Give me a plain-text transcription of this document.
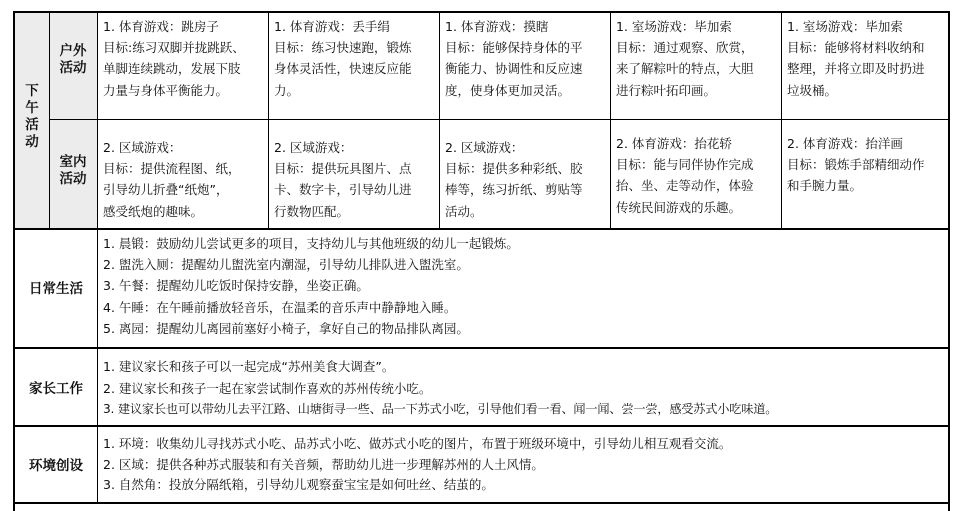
下午活动
户外活动
室内活动
日常生活
家长工作
环境创设
1. 体育游戏：跳房子
目标:练习双脚并拢跳跃、
单脚连续跳动，发展下肢
力量与身体平衡能力。
1. 体育游戏：丢手绢
目标：练习快速跑，锻炼
身体灵活性，快速反应能
力。
1. 体育游戏：摸瞎
目标：能够保持身体的平
衡能力、协调性和反应速
度，使身体更加灵活。
1. 室场游戏：毕加索
目标：通过观察、欣赏，
来了解粽叶的特点，大胆
进行粽叶拓印画。
1. 室场游戏：毕加索
目标：能够将材料收纳和
整理，并将立即及时扔进
垃圾桶。
2. 区域游戏：
目标：提供流程图、纸，
引导幼儿折叠“纸炮”，
感受纸炮的趣味。
2. 区域游戏：
目标：提供玩具图片、点
卡、数字卡，引导幼儿进
行数物匹配。
2. 区域游戏：
目标：提供多种彩纸、胶
棒等，练习折纸、剪贴等
活动。
2. 体育游戏：抬花轿
目标：能与同伴协作完成
抬、坐、走等动作，体验
传统民间游戏的乐趣。
2. 体育游戏：抬洋画
目标：锻炼手部精细动作
和手腕力量。
1. 晨锻：鼓励幼儿尝试更多的项目，支持幼儿与其他班级的幼儿一起锻炼。
2. 盥洗入厕：提醒幼儿盥洗室内潮湿，引导幼儿排队进入盥洗室。
3. 午餐：提醒幼儿吃饭时保持安静，坐姿正确。
4. 午睡：在午睡前播放轻音乐，在温柔的音乐声中静静地入睡。
5. 离园：提醒幼儿离园前塞好小椅子，拿好自己的物品排队离园。
1. 建议家长和孩子可以一起完成“苏州美食大调查”。
2. 建议家长和孩子一起在家尝试制作喜欢的苏州传统小吃。
3. 建议家长也可以带幼儿去平江路、山塘街寻一些、品一下苏式小吃，引导他们看一看、闻一闻、尝一尝，感受苏式小吃味道。
1. 环境：收集幼儿寻找苏式小吃、品苏式小吃、做苏式小吃的图片，布置于班级环境中，引导幼儿相互观看交流。
2. 区域：提供各种苏式服装和有关音频，帮助幼儿进一步理解苏州的人土风情。
3. 自然角：投放分隔纸箱，引导幼儿观察蚕宝宝是如何吐丝、结茧的。
